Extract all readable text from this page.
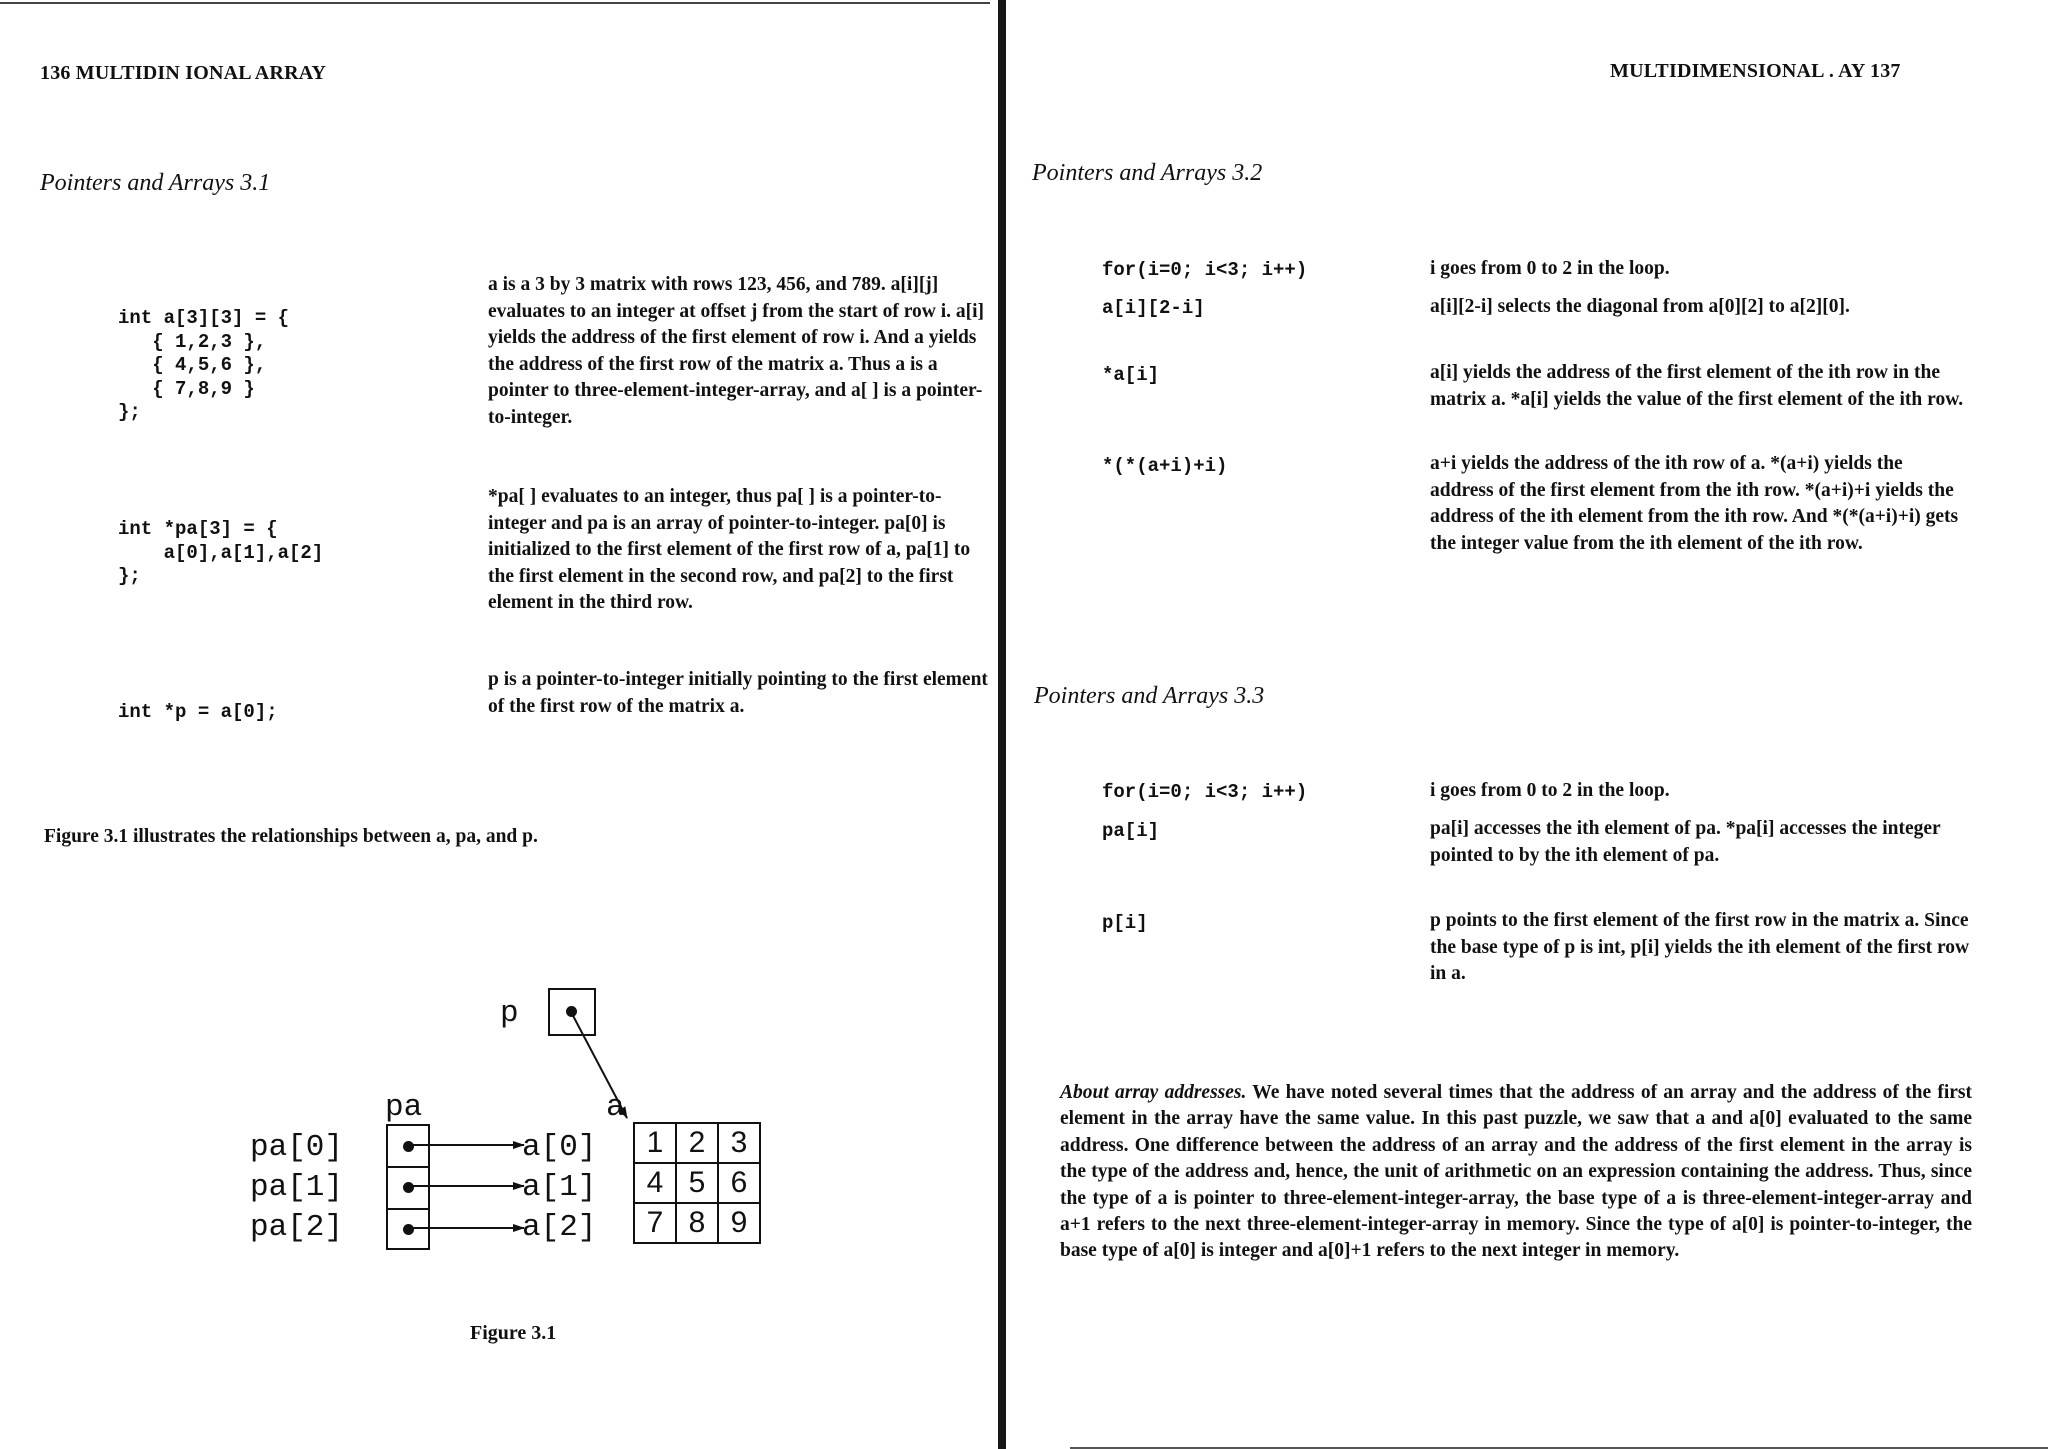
136 MULTIDIN IONAL ARRAY
Pointers and Arrays 3.1
int a[3][3] = {
{ 1,2,3 },
{ 4,5,6 },
{ 7,8,9 }
};
a is a 3 by 3 matrix with rows 123, 456, and 789. a[i][j] evaluates to an integer at offset j from the start of row i. a[i] yields the address of the first element of row i. And a yields the address of the first row of the matrix a. Thus a is a pointer to three-element-integer-array, and a[ ] is a pointer-to-integer.
int *pa[3] = {
a[0],a[1],a[2]
};
*pa[ ] evaluates to an integer, thus pa[ ] is a pointer-to-integer and pa is an array of pointer-to-integer. pa[0] is initialized to the first element of the first row of a, pa[1] to the first element in the second row, and pa[2] to the first element in the third row.
int *p = a[0];
p is a pointer-to-integer initially pointing to the first element of the first row of the matrix a.
Figure 3.1 illustrates the relationships between a, pa, and p.
p
pa	a
pa[0]
pa[1]
pa[2]
a[0]
a[1]
a[2]
1 2 3
4 5 6
7 8 9
Figure 3.1
MULTIDIMENSIONAL . AY 137
Pointers and Arrays 3.2
for(i=0; i<3; i++)	i goes from 0 to 2 in the loop.
a[i][2-i]	a[i][2-i] selects the diagonal from a[0][2] to a[2][0].
*a[i]	a[i] yields the address of the first element of the ith row in the matrix a. *a[i] yields the value of the first element of the ith row.
*(*(a+i)+i)	a+i yields the address of the ith row of a. *(a+i) yields the address of the first element from the ith row. *(a+i)+i yields the address of the ith element from the ith row. And *(*(a+i)+i) gets the integer value from the ith element of the ith row.
Pointers and Arrays 3.3
for(i=0; i<3; i++)	i goes from 0 to 2 in the loop.
pa[i]	pa[i] accesses the ith element of pa. *pa[i] accesses the integer pointed to by the ith element of pa.
p[i]	p points to the first element of the first row in the matrix a. Since the base type of p is int, p[i] yields the ith element of the first row in a.
About array addresses. We have noted several times that the address of an array and the address of the first element in the array have the same value. In this past puzzle, we saw that a and a[0] evaluated to the same address. One difference between the address of an array and the address of the first element in the array is the type of the address and, hence, the unit of arithmetic on an expression containing the address. Thus, since the type of a is pointer to three-element-integer-array, the base type of a is three-element-integer-array and a+1 refers to the next three-element-integer-array in memory. Since the type of a[0] is pointer-to-integer, the base type of a[0] is integer and a[0]+1 refers to the next integer in memory.
